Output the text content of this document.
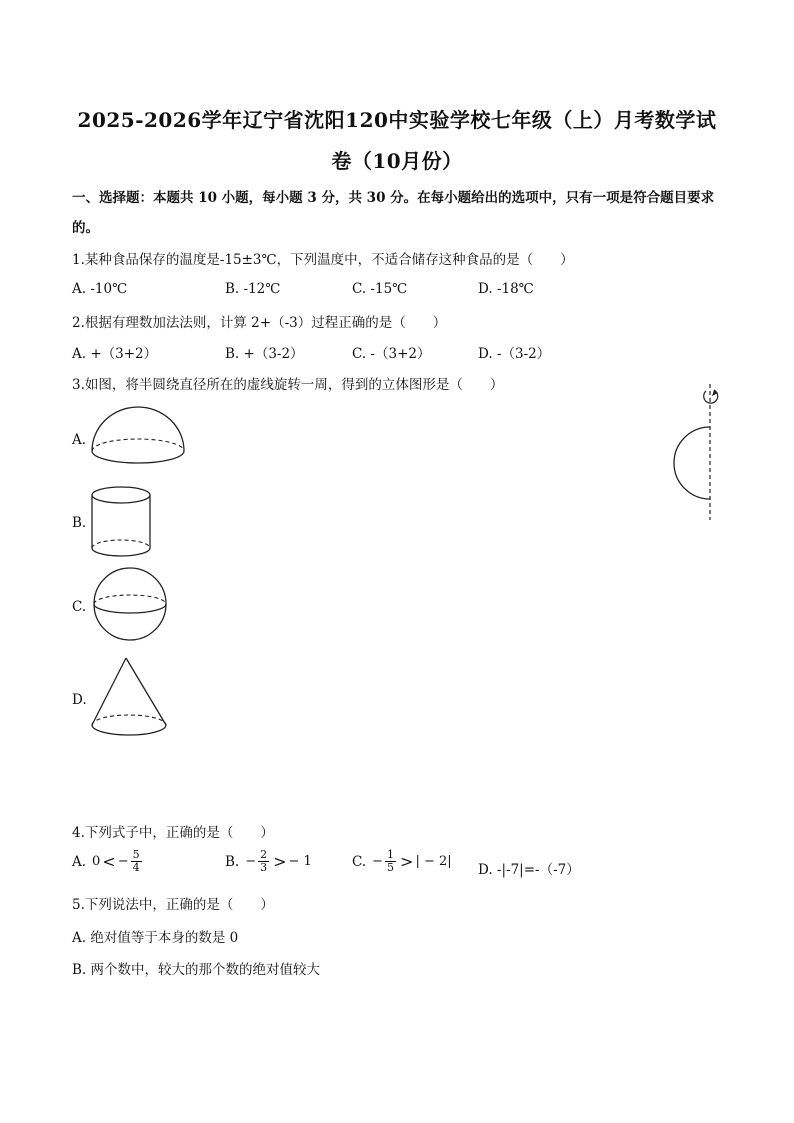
2025-2026学年辽宁省沈阳120中实验学校七年级（上）月考数学试
卷（10月份）
一、选择题：本题共 10 小题，每小题 3 分，共 30 分。在每小题给出的选项中，只有一项是符合题目要求
的。
1.某种食品保存的温度是-15±3℃，下列温度中，不适合储存这种食品的是（　　）
A. -10℃	B. -12℃	C. -15℃	D. -18℃
2.根据有理数加法法则，计算 2+（-3）过程正确的是（　　）
A. +（3+2）	B. +（3-2）	C. -（3+2）	D. -（3-2）
3.如图，将半圆绕直径所在的虚线旋转一周，得到的立体图形是（　　）
A.
B.
C.
D.
4.下列式子中，正确的是（　　）
A. 0 < − $\frac{5}{4}$	B. − $\frac{2}{3}$ > − 1	C. − $\frac{1}{5}$ > | − 2|
D. -|-7|=-（-7）
5.下列说法中，正确的是（　　）
A. 绝对值等于本身的数是 0
B. 两个数中，较大的那个数的绝对值较大
